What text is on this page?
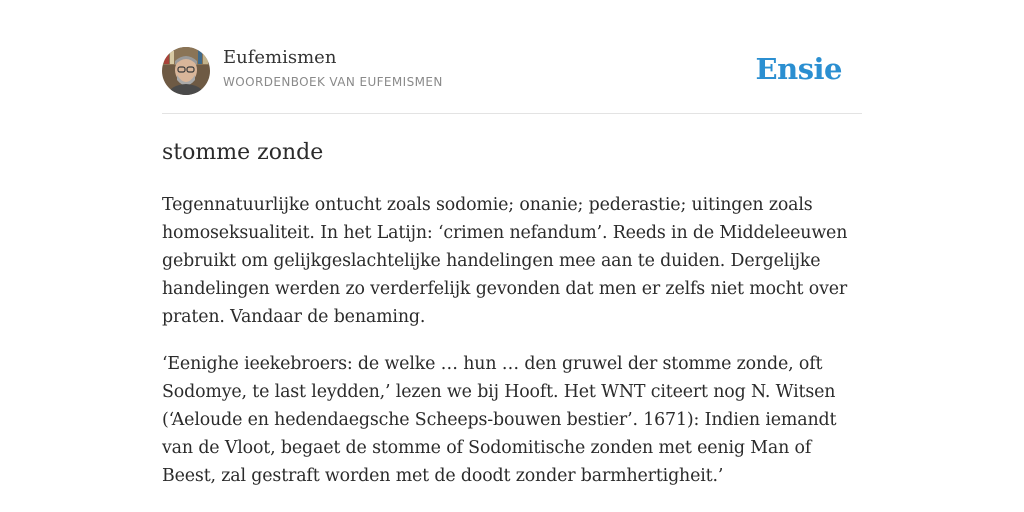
Eufemismen
WOORDENBOEK VAN EUFEMISMEN	Ensie
stomme zonde

Tegennatuurlijke ontucht zoals sodomie; onanie; pederastie; uitingen zoals homoseksualiteit. In het Latijn: ‘crimen nefandum’. Reeds in de Middeleeuwen gebruikt om gelijkgeslachtelijke handelingen mee aan te duiden. Dergelijke handelingen werden zo verderfelijk gevonden dat men er zelfs niet mocht over praten. Vandaar de benaming.

‘Eenighe ieekebroers: de welke … hun … den gruwel der stomme zonde, oft Sodomye, te last leydden,’ lezen we bij Hooft. Het WNT citeert nog N. Witsen (‘Aeloude en hedendaegsche Scheeps-bouwen bestier’. 1671): Indien iemandt van de Vloot, begaet de stomme of Sodomitische zonden met eenig Man of Beest, zal gestraft worden met de doodt zonder barmhertigheit.’
